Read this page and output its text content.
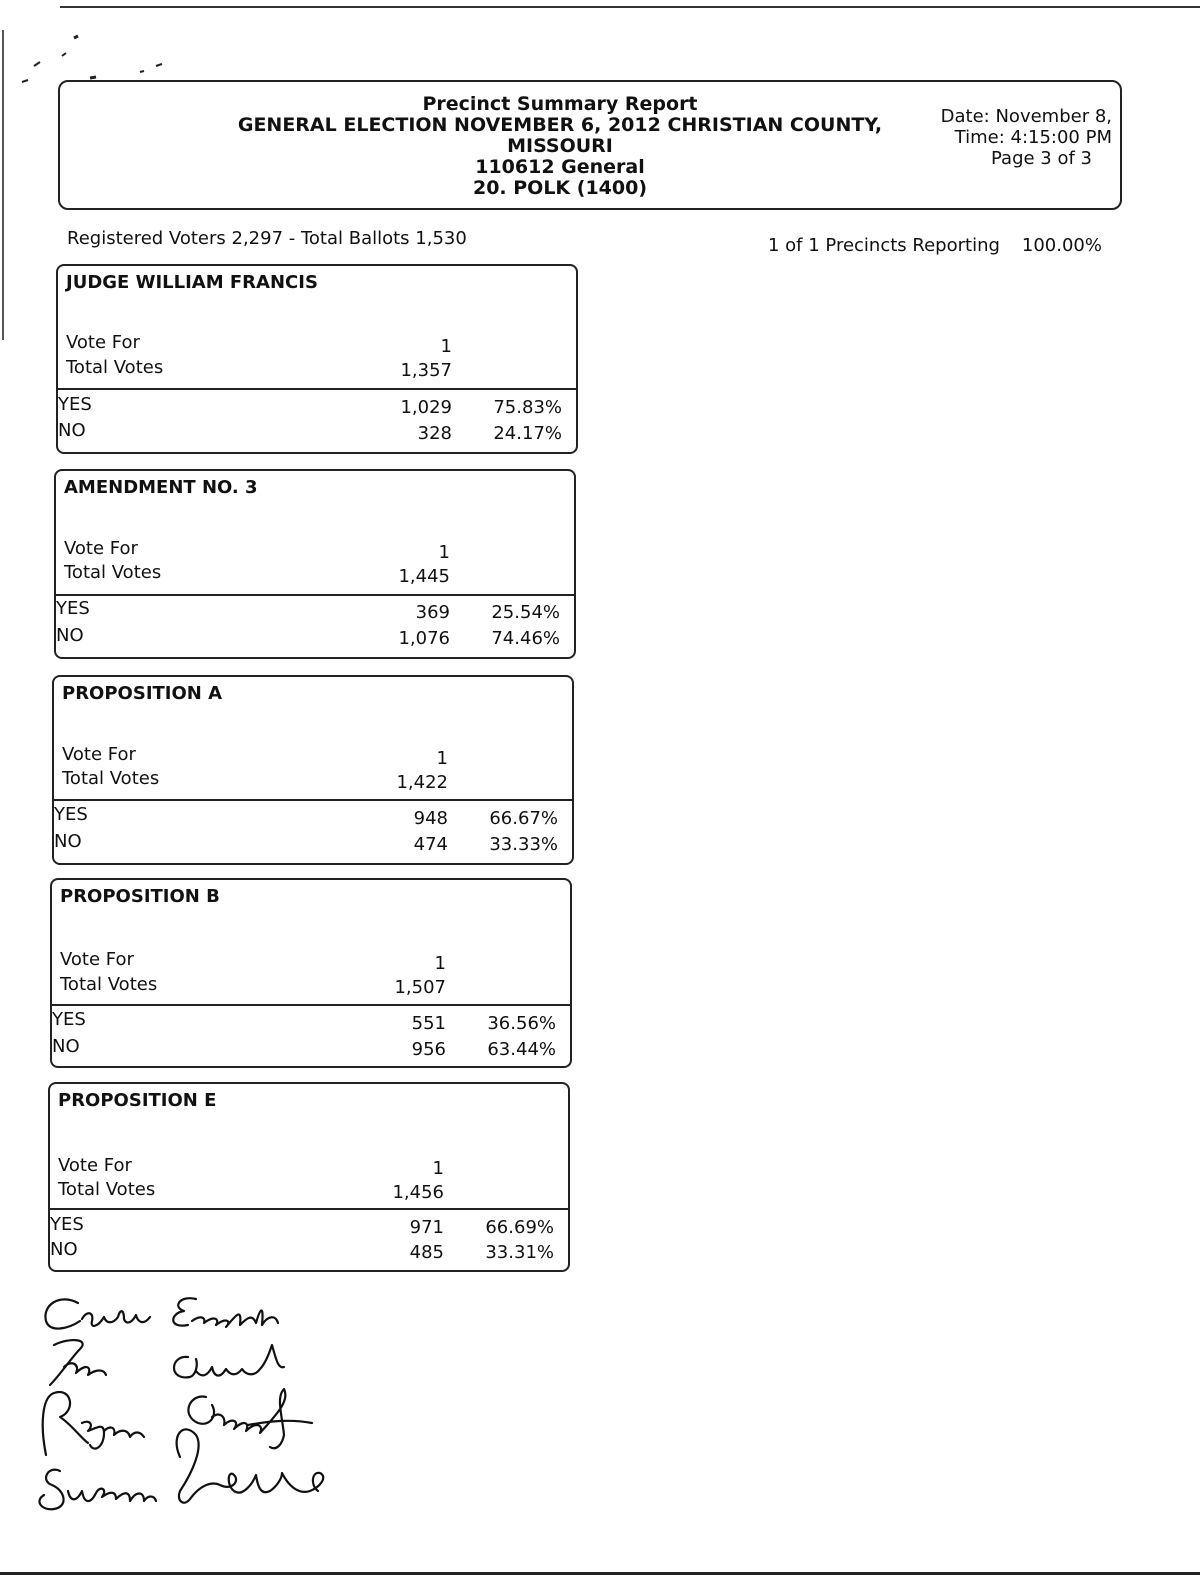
Precinct Summary Report
GENERAL ELECTION NOVEMBER 6, 2012 CHRISTIAN COUNTY,
MISSOURI
110612 General
20. POLK (1400)
Date: November 8,
Time: 4:15:00 PM
Page 3 of 3
Registered Voters 2,297 - Total Ballots 1,530	1 of 1 Precincts Reporting 100.00%
JUDGE WILLIAM FRANCIS
Vote For	1
Total Votes	1,357
YES	1,029 75.83%
NO	328 24.17%
AMENDMENT NO. 3
Vote For	1
Total Votes	1,445
YES	369 25.54%
NO	1,076 74.46%
PROPOSITION A
Vote For	1
Total Votes	1,422
YES	948 66.67%
NO	474 33.33%
PROPOSITION B
Vote For	1
Total Votes	1,507
YES	551 36.56%
NO	956 63.44%
PROPOSITION E
Vote For	1
Total Votes	1,456
YES	971 66.69%
NO	485 33.31%
